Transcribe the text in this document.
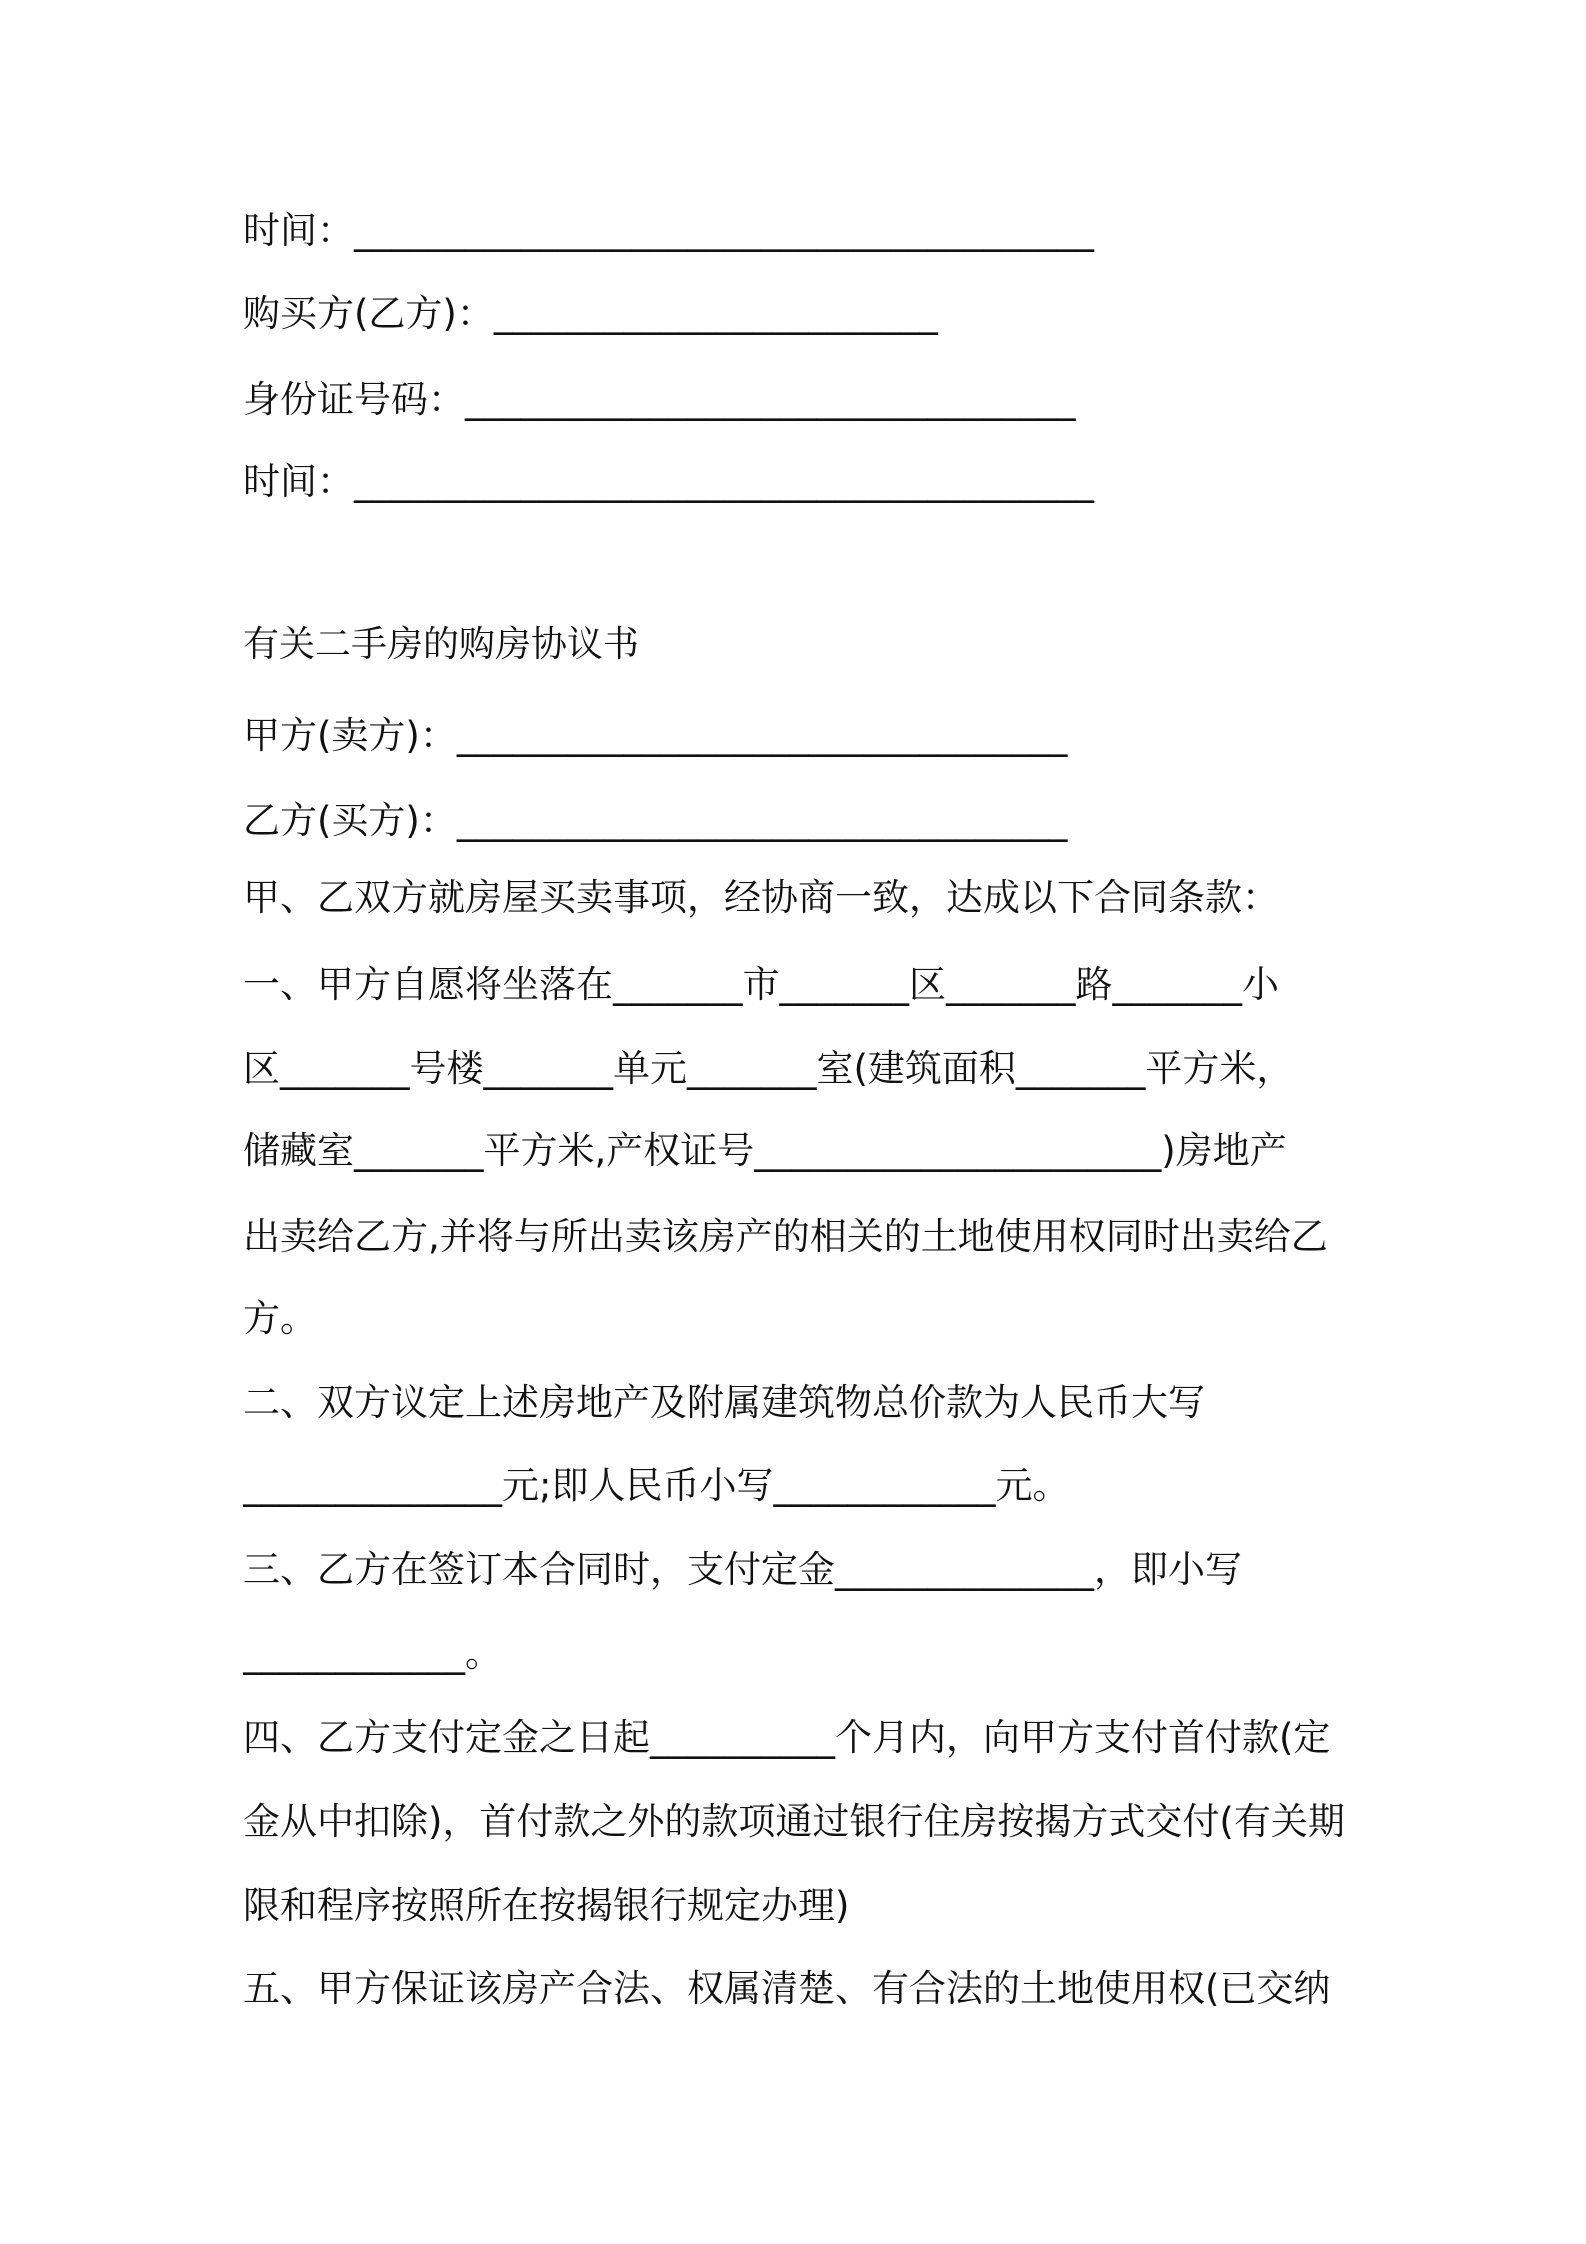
时间：________________________________________
购买方(乙方)：________________________
身份证号码：_________________________________
时间：________________________________________
有关二手房的购房协议书
甲方(卖方)：_________________________________
乙方(买方)：_________________________________
甲、乙双方就房屋买卖事项，经协商一致，达成以下合同条款：
一、甲方自愿将坐落在_______市_______区_______路_______小
区_______号楼_______单元_______室(建筑面积_______平方米，
储藏室_______平方米,产权证号______________________)房地产
出卖给乙方,并将与所出卖该房产的相关的土地使用权同时出卖给乙
方。
二、双方议定上述房地产及附属建筑物总价款为人民币大写
______________元;即人民币小写____________元。
三、乙方在签订本合同时，支付定金______________，即小写
____________。
四、乙方支付定金之日起__________个月内，向甲方支付首付款(定
金从中扣除)，首付款之外的款项通过银行住房按揭方式交付(有关期
限和程序按照所在按揭银行规定办理)
五、甲方保证该房产合法、权属清楚、有合法的土地使用权(已交纳
